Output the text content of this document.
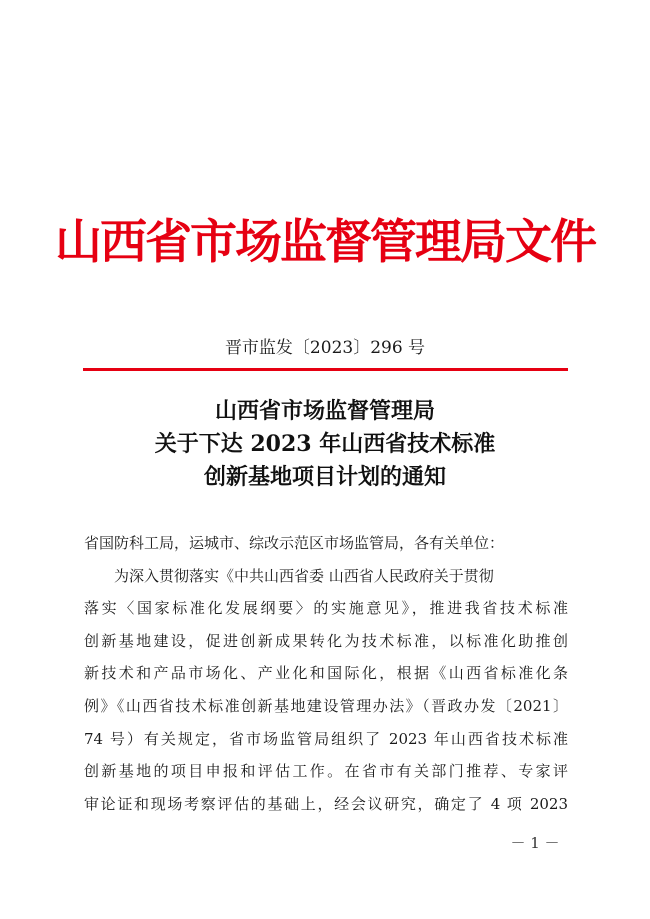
山西省市场监督管理局文件
晋市监发〔2023〕296 号
山西省市场监督管理局
关于下达 2023 年山西省技术标准
创新基地项目计划的通知
省国防科工局，运城市、综改示范区市场监管局，各有关单位：
　　为深入贯彻落实《中共山西省委 山西省人民政府关于贯彻
落实〈国家标准化发展纲要〉的实施意见》，推进我省技术标准
创新基地建设，促进创新成果转化为技术标准，以标准化助推创
新技术和产品市场化、产业化和国际化，根据《山西省标准化条
例》《山西省技术标准创新基地建设管理办法》（晋政办发〔2021〕
74 号）有关规定，省市场监管局组织了 2023 年山西省技术标准
创新基地的项目申报和评估工作。在省市有关部门推荐、专家评
审论证和现场考察评估的基础上，经会议研究，确定了 4 项 2023
－ 1 －
